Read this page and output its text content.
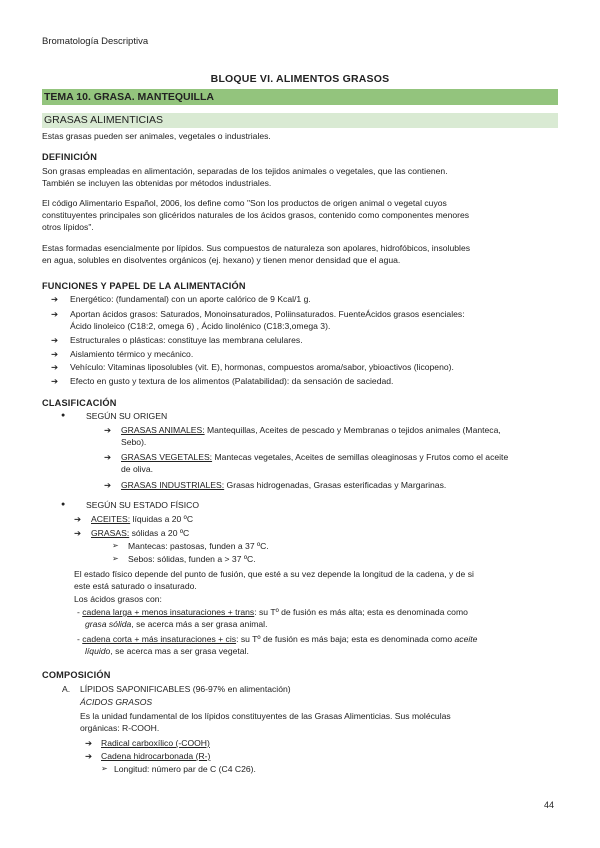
Bromatología Descriptiva
BLOQUE VI. ALIMENTOS GRASOS
TEMA 10. GRASA. MANTEQUILLA
GRASAS ALIMENTICIAS
Estas grasas pueden ser animales, vegetales o industriales.
DEFINICIÓN
Son grasas empleadas en alimentación, separadas de los tejidos animales o vegetales, que las contienen.
También se incluyen las obtenidas por métodos industriales.
El código Alimentario Español, 2006, los define como "Son los productos de origen animal o vegetal cuyos
constituyentes principales son glicéridos naturales de los ácidos grasos, contenido como componentes menores
otros lípidos".
Estas formadas esencialmente por lípidos. Sus compuestos de naturaleza son apolares, hidrofóbicos, insolubles
en agua, solubles en disolventes orgánicos (ej. hexano) y tienen menor densidad que el agua.
FUNCIONES Y PAPEL DE LA ALIMENTACIÓN
➔ Energético: (fundamental) con un aporte calórico de 9 Kcal/1 g.
➔ Aportan ácidos grasos: Saturados, Monoinsaturados, Poliinsaturados. FuenteÁcidos grasos esenciales:
Ácido linoleico (C18:2, omega 6) , Ácido linolénico (C18:3,omega 3).
➔ Estructurales o plásticas: constituye las membrana celulares.
➔ Aislamiento térmico y mecánico.
➔ Vehículo: Vitaminas liposolubles (vit. E), hormonas, compuestos aroma/sabor, ybioactivos (licopeno).
➔ Efecto en gusto y textura de los alimentos (Palatabilidad): da sensación de saciedad.
CLASIFICACIÓN
● SEGÚN SU ORIGEN
➔ GRASAS ANIMALES: Mantequillas, Aceites de pescado y Membranas o tejidos animales (Manteca,
Sebo).
➔ GRASAS VEGETALES: Mantecas vegetales, Aceites de semillas oleaginosas y Frutos como el aceite
de oliva.
➔ GRASAS INDUSTRIALES: Grasas hidrogenadas, Grasas esterificadas y Margarinas.
● SEGÚN SU ESTADO FÍSICO
➔ ACEITES: líquidas a 20 ºC
➔ GRASAS: sólidas a 20 ºC
➢ Mantecas: pastosas, funden a 37 ºC.
➢ Sebos: sólidas, funden a > 37 ºC.
El estado físico depende del punto de fusión, que esté a su vez depende la longitud de la cadena, y de si
este está saturado o insaturado.
Los ácidos grasos con:
- cadena larga + menos insaturaciones + trans: su Tº de fusión es más alta; esta es denominada como
grasa sólida, se acerca más a ser grasa animal.
- cadena corta + más insaturaciones + cis: su Tº de fusión es más baja; esta es denominada como aceite
líquido, se acerca mas a ser grasa vegetal.
COMPOSICIÓN
A. LÍPIDOS SAPONIFICABLES (96-97% en alimentación)
ÁCIDOS GRASOS
Es la unidad fundamental de los lípidos constituyentes de las Grasas Alimenticias. Sus moléculas
orgánicas: R-COOH.
➔ Radical carboxílico (-COOH)
➔ Cadena hidrocarbonada (R-)
➢ Longitud: número par de C (C4 C26).
44
